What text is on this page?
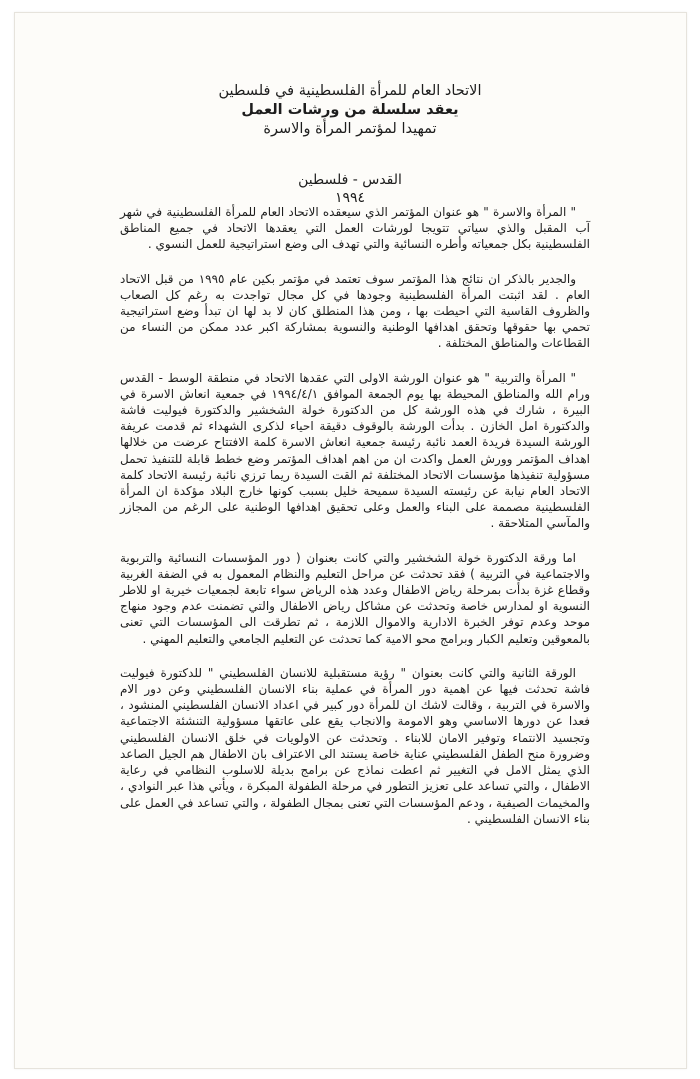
الاتحاد العام للمرأة الفلسطينية في فلسطين
يعقد سلسلة من ورشات العمل
تمهيدا لمؤتمر المرأة والاسرة
القدس - فلسطين
١٩٩٤

" المرأة والاسرة " هو عنوان المؤتمر الذي سيعقده الاتحاد العام للمرأة الفلسطينية في شهر آب المقبل والذي سياتي تتويجا لورشات العمل التي يعقدها الاتحاد في جميع المناطق الفلسطينية بكل جمعياته وأطره النسائية والتي تهدف الى وضع استراتيجية للعمل النسوي .

والجدير بالذكر ان نتائج هذا المؤتمر سوف تعتمد في مؤتمر بكين عام ١٩٩٥ من قبل الاتحاد العام . لقد اثبتت المرأة الفلسطينية وجودها في كل مجال تواجدت به رغم كل الصعاب والظروف القاسية التي احيطت بها ، ومن هذا المنطلق كان لا بد لها ان تبدأ وضع استراتيجية تحمي بها حقوقها وتحقق اهدافها الوطنية والنسوية بمشاركة اكبر عدد ممكن من النساء من القطاعات والمناطق المختلفة .

" المرأة والتربية " هو عنوان الورشة الاولى التي عقدها الاتحاد في منطقة الوسط - القدس ورام الله والمناطق المحيطة بها يوم الجمعة الموافق ١٩٩٤/٤/١ في جمعية انعاش الاسرة في البيرة ، شارك في هذه الورشة كل من الدكتورة خولة الشخشير والدكتورة فيوليت فاشة والدكتورة امل الخازن . بدأت الورشة بالوقوف دقيقة احياء لذكرى الشهداء ثم قدمت عريفة الورشة السيدة فريدة العمد نائبة رئيسة جمعية انعاش الاسرة كلمة الافتتاح عرضت من خلالها اهداف المؤتمر وورش العمل واكدت ان من اهم اهداف المؤتمر وضع خطط قابلة للتنفيذ تحمل مسؤولية تنفيذها مؤسسات الاتحاد المختلفة ثم القت السيدة ريما ترزي نائبة رئيسة الاتحاد كلمة الاتحاد العام نيابة عن رئيسته السيدة سميحة خليل بسبب كونها خارج البلاد مؤكدة ان المرأة الفلسطينية مصممة على البناء والعمل وعلى تحقيق اهدافها الوطنية على الرغم من المجازر والمآسي المتلاحقة .

اما ورقة الدكتورة خولة الشخشير والتي كانت بعنوان ( دور المؤسسات النسائية والتربوية والاجتماعية في التربية ) فقد تحدثت عن مراحل التعليم والنظام المعمول به في الضفة الغربية وقطاع غزة بدأت بمرحلة رياض الاطفال وعدد هذه الرياض سواء تابعة لجمعيات خيرية او للاطر النسوية او لمدارس خاصة وتحدثت عن مشاكل رياض الاطفال والتي تضمنت عدم وجود منهاج موحد وعدم توفر الخبرة الادارية والاموال اللازمة ، ثم تطرقت الى المؤسسات التي تعنى بالمعوقين وتعليم الكبار وبرامج محو الامية كما تحدثت عن التعليم الجامعي والتعليم المهني .

الورقة الثانية والتي كانت بعنوان " رؤية مستقبلية للانسان الفلسطيني " للدكتورة فيوليت فاشة تحدثت فيها عن اهمية دور المرأة في عملية بناء الانسان الفلسطيني وعن دور الام والاسرة في التربية ، وقالت لاشك ان للمرأة دور كبير في اعداد الانسان الفلسطيني المنشود ، فعدا عن دورها الاساسي وهو الامومة والانجاب يقع على عاتقها مسؤولية التنشئة الاجتماعية وتجسيد الانتماء وتوفير الامان للابناء . وتحدثت عن الاولويات في خلق الانسان الفلسطيني وضرورة منح الطفل الفلسطيني عناية خاصة يستند الى الاعتراف بان الاطفال هم الجيل الصاعد الذي يمثل الامل في التغيير ثم اعطت نماذج عن برامج بديلة للاسلوب النظامي في رعاية الاطفال ، والتي تساعد على تعزيز التطور في مرحلة الطفولة المبكرة ، ويأتي هذا عبر النوادي ، والمخيمات الصيفية ، ودعم المؤسسات التي تعنى بمجال الطفولة ، والتي تساعد في العمل على بناء الانسان الفلسطيني .
